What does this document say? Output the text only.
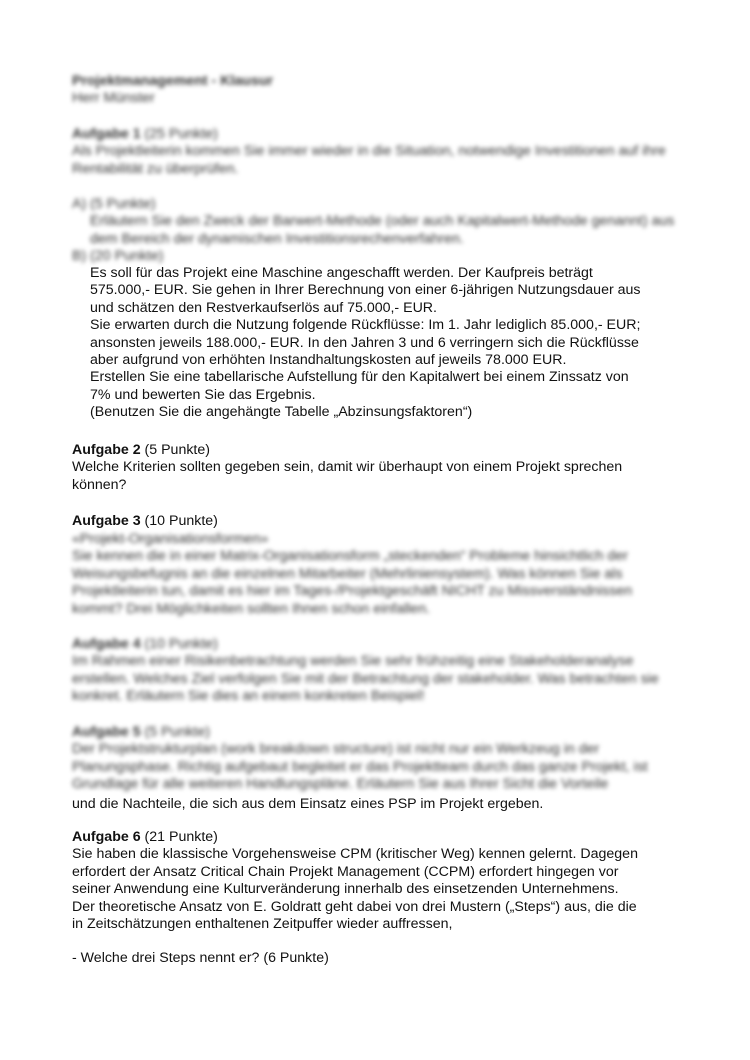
Projektmanagement - Klausur

Herr Münster

Aufgabe 1 (25 Punkte)

Als Projektleiterin kommen Sie immer wieder in die Situation, notwendige Investitionen auf ihre Rentabilität zu überprüfen.

A) (5 Punkte)

Erläutern Sie den Zweck der Barwert-Methode (oder auch Kapitalwert-Methode genannt) aus dem Bereich der dynamischen Investitionsrechenverfahren.

B) (20 Punkte)

Es soll für das Projekt eine Maschine angeschafft werden. Der Kaufpreis beträgt

575.000,- EUR. Sie gehen in Ihrer Berechnung von einer 6-jährigen Nutzungsdauer aus

und schätzen den Restverkaufserlös auf 75.000,- EUR.

Sie erwarten durch die Nutzung folgende Rückflüsse: Im 1. Jahr lediglich 85.000,- EUR;

ansonsten jeweils 188.000,- EUR. In den Jahren 3 und 6 verringern sich die Rückflüsse

aber aufgrund von erhöhten Instandhaltungskosten auf jeweils 78.000 EUR.

Erstellen Sie eine tabellarische Aufstellung für den Kapitalwert bei einem Zinssatz von

7% und bewerten Sie das Ergebnis.

(Benutzen Sie die angehängte Tabelle „Abzinsungsfaktoren“)

Aufgabe 2 (5 Punkte)

Welche Kriterien sollten gegeben sein, damit wir überhaupt von einem Projekt sprechen

können?

Aufgabe 3 (10 Punkte)

«Projekt-Organisationsformen»

Sie kennen die in einer Matrix-Organisationsform „steckenden“ Probleme hinsichtlich der Weisungsbefugnis an die einzelnen Mitarbeiter (Mehrliniensystem). Was können Sie als Projektleiterin tun, damit es hier im Tages-/Projektgeschäft NICHT zu Missverständnissen kommt? Drei Möglichkeiten sollten Ihnen schon einfallen.

Aufgabe 4 (10 Punkte)

Im Rahmen einer Risikenbetrachtung werden Sie sehr frühzeitig eine Stakeholderanalyse erstellen. Welches Ziel verfolgen Sie mit der Betrachtung der stakeholder. Was betrachten sie konkret. Erläutern Sie dies an einem konkreten Beispiel!

Aufgabe 5 (5 Punkte)

Der Projektstrukturplan (work breakdown structure) ist nicht nur ein Werkzeug in der Planungsphase. Richtig aufgebaut begleitet er das Projektteam durch das ganze Projekt, ist Grundlage für alle weiteren Handlungspläne. Erläutern Sie aus Ihrer Sicht die Vorteile

und die Nachteile, die sich aus dem Einsatz eines PSP im Projekt ergeben.

Aufgabe 6 (21 Punkte)

Sie haben die klassische Vorgehensweise CPM (kritischer Weg) kennen gelernt. Dagegen

erfordert der Ansatz Critical Chain Projekt Management (CCPM) erfordert hingegen vor

seiner Anwendung eine Kulturveränderung innerhalb des einsetzenden Unternehmens.

Der theoretische Ansatz von E. Goldratt geht dabei von drei Mustern („Steps“) aus, die die

in Zeitschätzungen enthaltenen Zeitpuffer wieder auffressen,

- Welche drei Steps nennt er? (6 Punkte)
